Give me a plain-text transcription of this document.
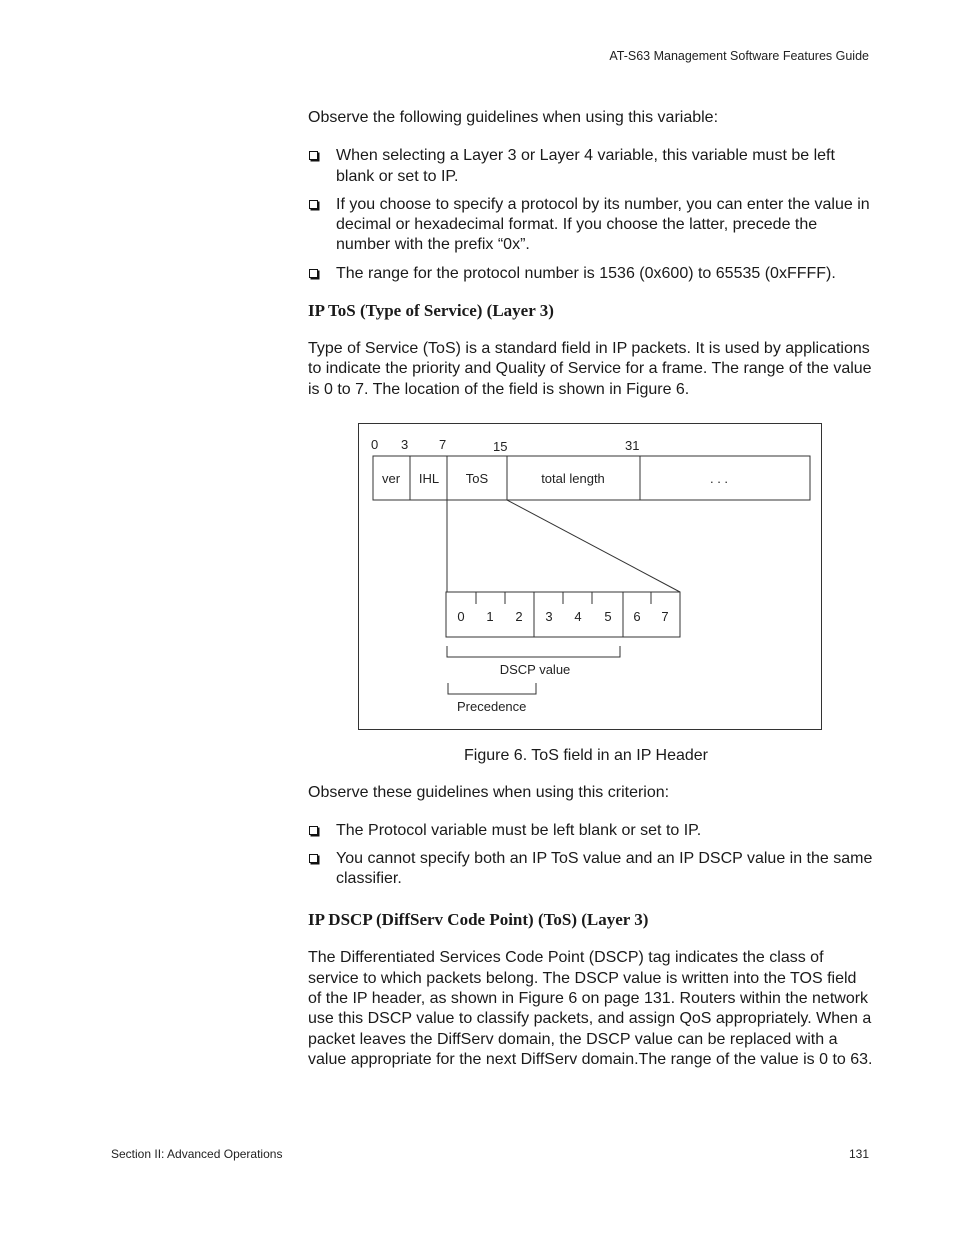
AT-S63 Management Software Features Guide

Observe the following guidelines when using this variable:

When selecting a Layer 3 or Layer 4 variable, this variable must be left blank or set to IP.
If you choose to specify a protocol by its number, you can enter the value in decimal or hexadecimal format. If you choose the latter, precede the number with the prefix “0x”.
The range for the protocol number is 1536 (0x600) to 65535 (0xFFFF).
IP ToS (Type of Service) (Layer 3)

Type of Service (ToS) is a standard field in IP packets. It is used by applications to indicate the priority and Quality of Service for a frame. The range of the value is 0 to 7. The location of the field is shown in Figure 6.

0 3 7	15	31
ver IHL ToS	total length	. . .
0 1 2 3 4 5 6 7
DSCP value
Precedence

Figure 6. ToS field in an IP Header

Observe these guidelines when using this criterion:

The Protocol variable must be left blank or set to IP.
You cannot specify both an IP ToS value and an IP DSCP value in the same classifier.
IP DSCP (DiffServ Code Point) (ToS) (Layer 3)

The Differentiated Services Code Point (DSCP) tag indicates the class of service to which packets belong. The DSCP value is written into the TOS field of the IP header, as shown in Figure 6 on page 131. Routers within the network use this DSCP value to classify packets, and assign QoS appropriately. When a packet leaves the DiffServ domain, the DSCP value can be replaced with a value appropriate for the next DiffServ domain.The range of the value is 0 to 63.

Section II: Advanced Operations	131
